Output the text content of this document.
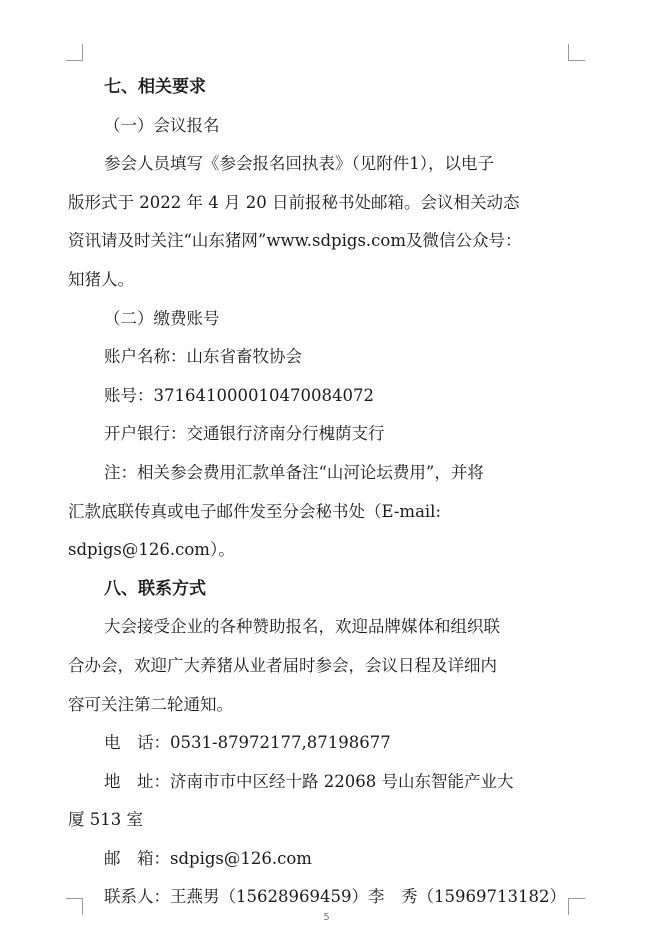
七、相关要求
（一）会议报名
参会人员填写《参会报名回执表》（见附件1），以电子
版形式于 2022 年 4 月 20 日前报秘书处邮箱。会议相关动态
资讯请及时关注“山东猪网”www.sdpigs.com及微信公众号：
知猪人。
（二）缴费账号
账户名称：山东省畜牧协会
账号：371641000010470084072
开户银行：交通银行济南分行槐荫支行
注：相关参会费用汇款单备注“山河论坛费用”，并将
汇款底联传真或电子邮件发至分会秘书处（E-mail:
sdpigs@126.com）。
八、联系方式
大会接受企业的各种赞助报名，欢迎品牌媒体和组织联
合办会，欢迎广大养猪从业者届时参会，会议日程及详细内
容可关注第二轮通知。
电　话：0531-87972177,87198677
地　址：济南市市中区经十路 22068 号山东智能产业大
厦 513 室
邮　箱：sdpigs@126.com
联系人：王燕男（15628969459）李　秀（15969713182）
5
